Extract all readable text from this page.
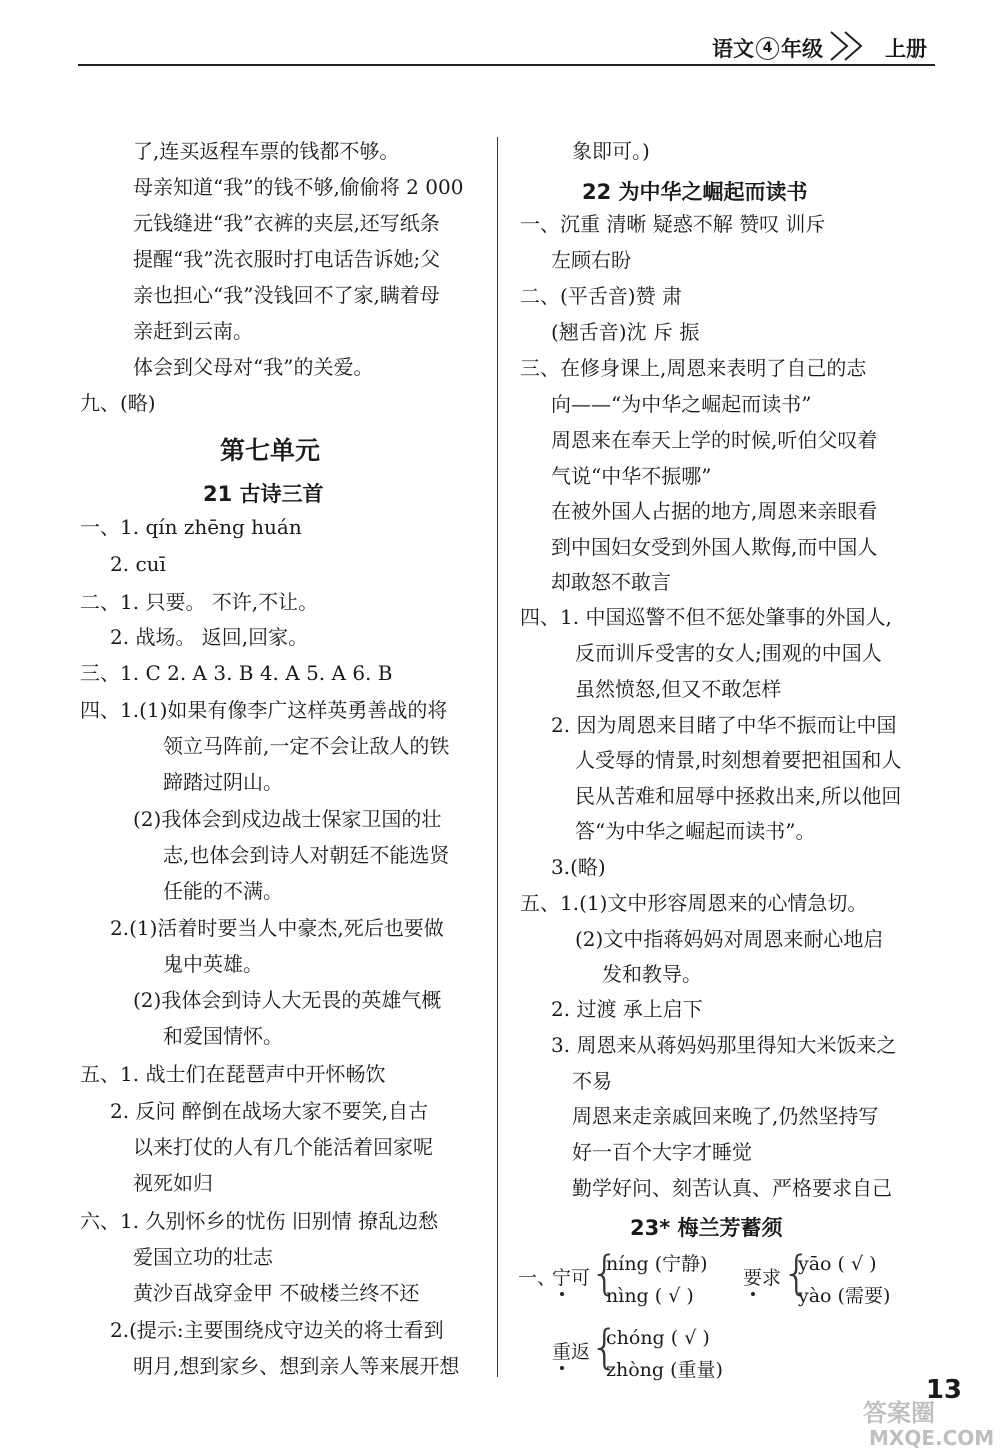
语文 4 年级	上册
了,连买返程车票的钱都不够。
母亲知道“我”的钱不够,偷偷将 2 000
元钱缝进“我”衣裤的夹层,还写纸条
提醒“我”洗衣服时打电话告诉她;父
亲也担心“我”没钱回不了家,瞒着母
亲赶到云南。
体会到父母对“我”的关爱。
九、(略)
第七单元
21 古诗三首
一、1. qín zhēng huán
2. cuī
二、1. 只要。 不许,不让。
2. 战场。 返回,回家。
三、1. C 2. A 3. B 4. A 5. A 6. B
四、1.(1)如果有像李广这样英勇善战的将
领立马阵前,一定不会让敌人的铁
蹄踏过阴山。
(2)我体会到戍边战士保家卫国的壮
志,也体会到诗人对朝廷不能选贤
任能的不满。
2.(1)活着时要当人中豪杰,死后也要做
鬼中英雄。
(2)我体会到诗人大无畏的英雄气概
和爱国情怀。
五、1. 战士们在琵琶声中开怀畅饮
2. 反问 醉倒在战场大家不要笑,自古
以来打仗的人有几个能活着回家呢
视死如归
六、1. 久别怀乡的忧伤 旧别情 撩乱边愁
爱国立功的壮志
黄沙百战穿金甲 不破楼兰终不还
2.(提示:主要围绕戍守边关的将士看到
明月,想到家乡、想到亲人等来展开想
象即可。)
22 为中华之崛起而读书
一、沉重 清晰 疑惑不解 赞叹 训斥
左顾右盼
二、(平舌音)赞 肃
(翘舌音)沈 斥 振
三、在修身课上,周恩来表明了自己的志
向——“为中华之崛起而读书”
周恩来在奉天上学的时候,听伯父叹着
气说“中华不振哪”
在被外国人占据的地方,周恩来亲眼看
到中国妇女受到外国人欺侮,而中国人
却敢怒不敢言
四、1. 中国巡警不但不惩处肇事的外国人,
反而训斥受害的女人;围观的中国人
虽然愤怒,但又不敢怎样
2. 因为周恩来目睹了中华不振而让中国
人受辱的情景,时刻想着要把祖国和人
民从苦难和屈辱中拯救出来,所以他回
答“为中华之崛起而读书”。
3.(略)
五、1.(1)文中形容周恩来的心情急切。
(2)文中指蒋妈妈对周恩来耐心地启
发和教导。
2. 过渡 承上启下
3. 周恩来从蒋妈妈那里得知大米饭来之
不易
周恩来走亲戚回来晚了,仍然坚持写
好一百个大字才睡觉
勤学好问、刻苦认真、严格要求自己
23* 梅兰芳蓄须
一、
宁可 {
níng (宁静)
nìng ( √ )
要求 {
yāo ( √ )
yào (需要)
重返 {
chóng ( √ )
zhòng (重量)
13
答案圈
MXQE.COM
